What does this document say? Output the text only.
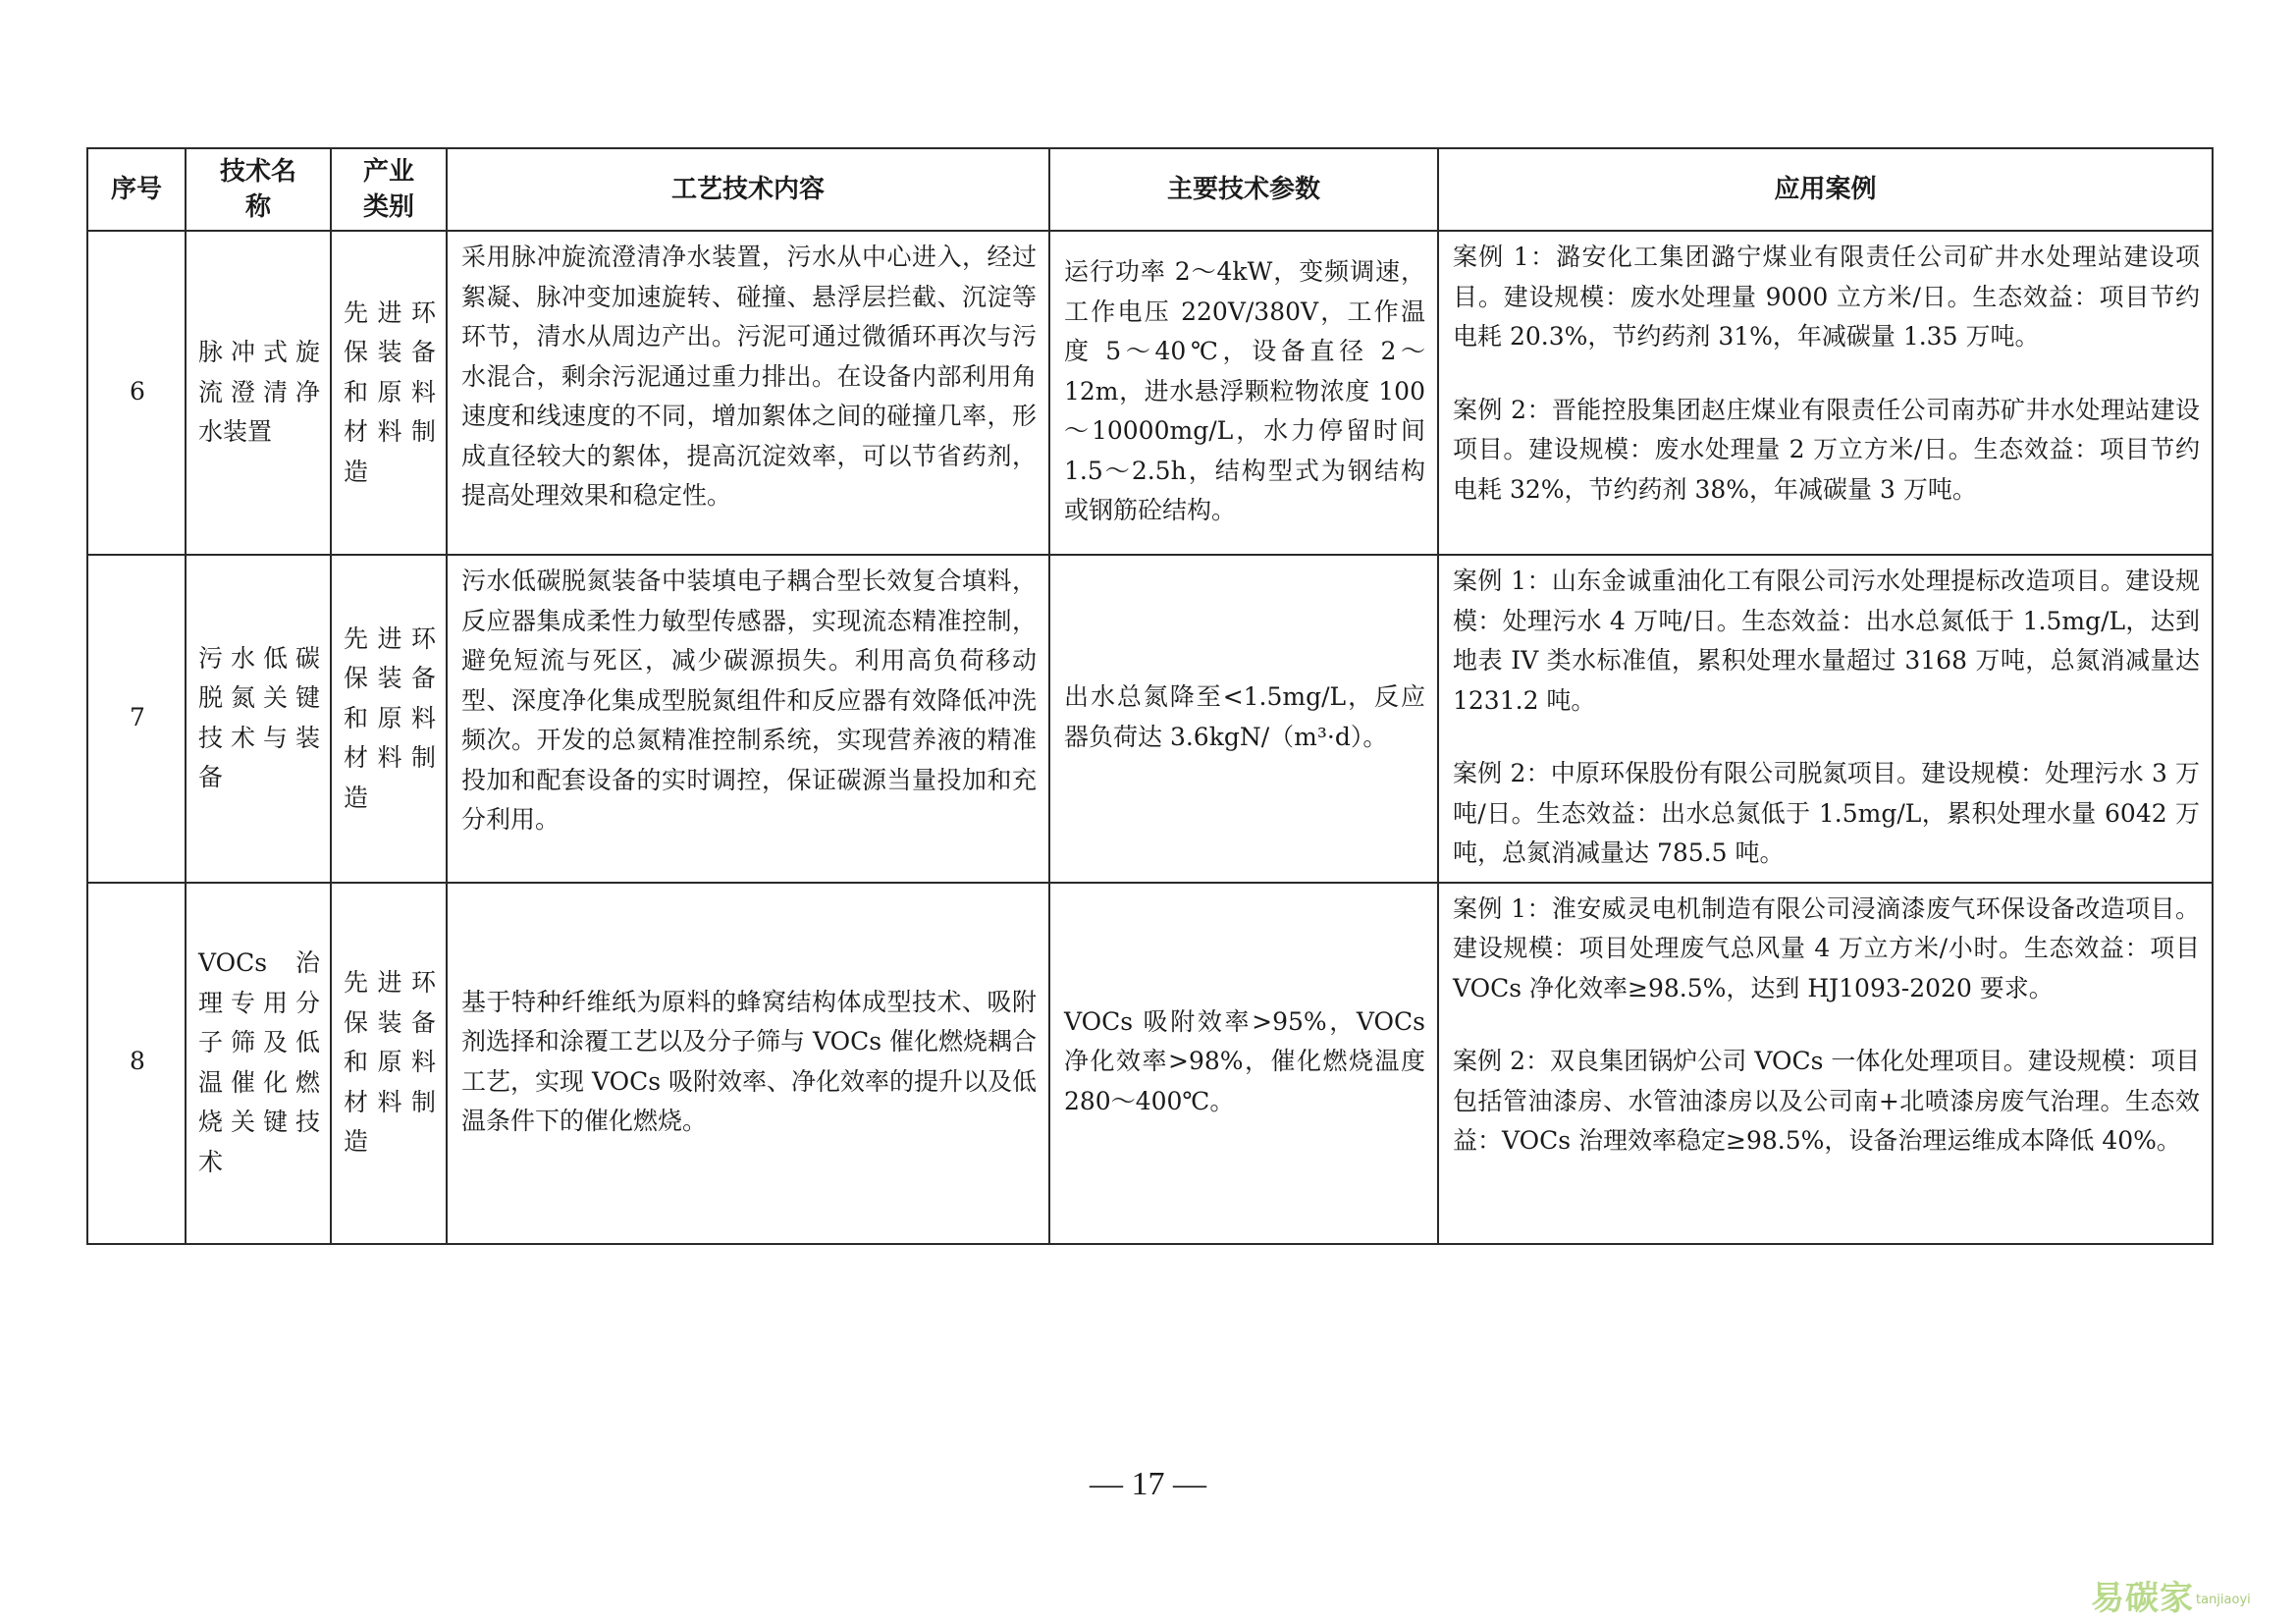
序号	技术名称	产业类别	工艺技术内容	主要技术参数	应用案例
6	脉冲式旋流澄清净水装置	先进环保装备和原料材料制造	采用脉冲旋流澄清净水装置，污水从中心进入，经过絮凝、脉冲变加速旋转、碰撞、悬浮层拦截、沉淀等环节，清水从周边产出。污泥可通过微循环再次与污水混合，剩余污泥通过重力排出。在设备内部利用角速度和线速度的不同，增加絮体之间的碰撞几率，形成直径较大的絮体，提高沉淀效率，可以节省药剂，提高处理效果和稳定性。	运行功率 2～4kW，变频调速，工作电压 220V/380V，工作温度 5～40℃，设备直径 2～12m，进水悬浮颗粒物浓度 100～10000mg/L，水力停留时间 1.5～2.5h，结构型式为钢结构或钢筋砼结构。	案例 1：潞安化工集团潞宁煤业有限责任公司矿井水处理站建设项目。建设规模：废水处理量 9000 立方米/日。生态效益：项目节约电耗 20.3%，节约药剂 31%，年减碳量 1.35 万吨。
案例 2：晋能控股集团赵庄煤业有限责任公司南苏矿井水处理站建设项目。建设规模：废水处理量 2 万立方米/日。生态效益：项目节约电耗 32%，节约药剂 38%，年减碳量 3 万吨。

7	污水低碳脱氮关键技术与装备	先进环保装备和原料材料制造	污水低碳脱氮装备中装填电子耦合型长效复合填料，反应器集成柔性力敏型传感器，实现流态精准控制，避免短流与死区，减少碳源损失。利用高负荷移动型、深度净化集成型脱氮组件和反应器有效降低冲洗频次。开发的总氮精准控制系统，实现营养液的精准投加和配套设备的实时调控，保证碳源当量投加和充分利用。	出水总氮降至<1.5mg/L，反应器负荷达 3.6kgN/（m³·d）。	案例 1：山东金诚重油化工有限公司污水处理提标改造项目。建设规模：处理污水 4 万吨/日。生态效益：出水总氮低于 1.5mg/L，达到地表 IV 类水标准值，累积处理水量超过 3168 万吨，总氮消减量达 1231.2 吨。
案例 2：中原环保股份有限公司脱氮项目。建设规模：处理污水 3 万吨/日。生态效益：出水总氮低于 1.5mg/L，累积处理水量 6042 万吨，总氮消减量达 785.5 吨。

8	VOCs 治理专用分子筛及低温催化燃烧关键技术	先进环保装备和原料材料制造	基于特种纤维纸为原料的蜂窝结构体成型技术、吸附剂选择和涂覆工艺以及分子筛与 VOCs 催化燃烧耦合工艺，实现 VOCs 吸附效率、净化效率的提升以及低温条件下的催化燃烧。	VOCs 吸附效率>95%，VOCs 净化效率>98%，催化燃烧温度 280～400℃。	案例 1：淮安威灵电机制造有限公司浸滴漆废气环保设备改造项目。建设规模：项目处理废气总风量 4 万立方米/小时。生态效益：项目 VOCs 净化效率≥98.5%，达到 HJ1093-2020 要求。
案例 2：双良集团锅炉公司 VOCs 一体化处理项目。建设规模：项目包括管油漆房、水管油漆房以及公司南+北喷漆房废气治理。生态效益：VOCs 治理效率稳定≥98.5%，设备治理运维成本降低 40%。
— 17 —
易碳家 tanjiaoyi
